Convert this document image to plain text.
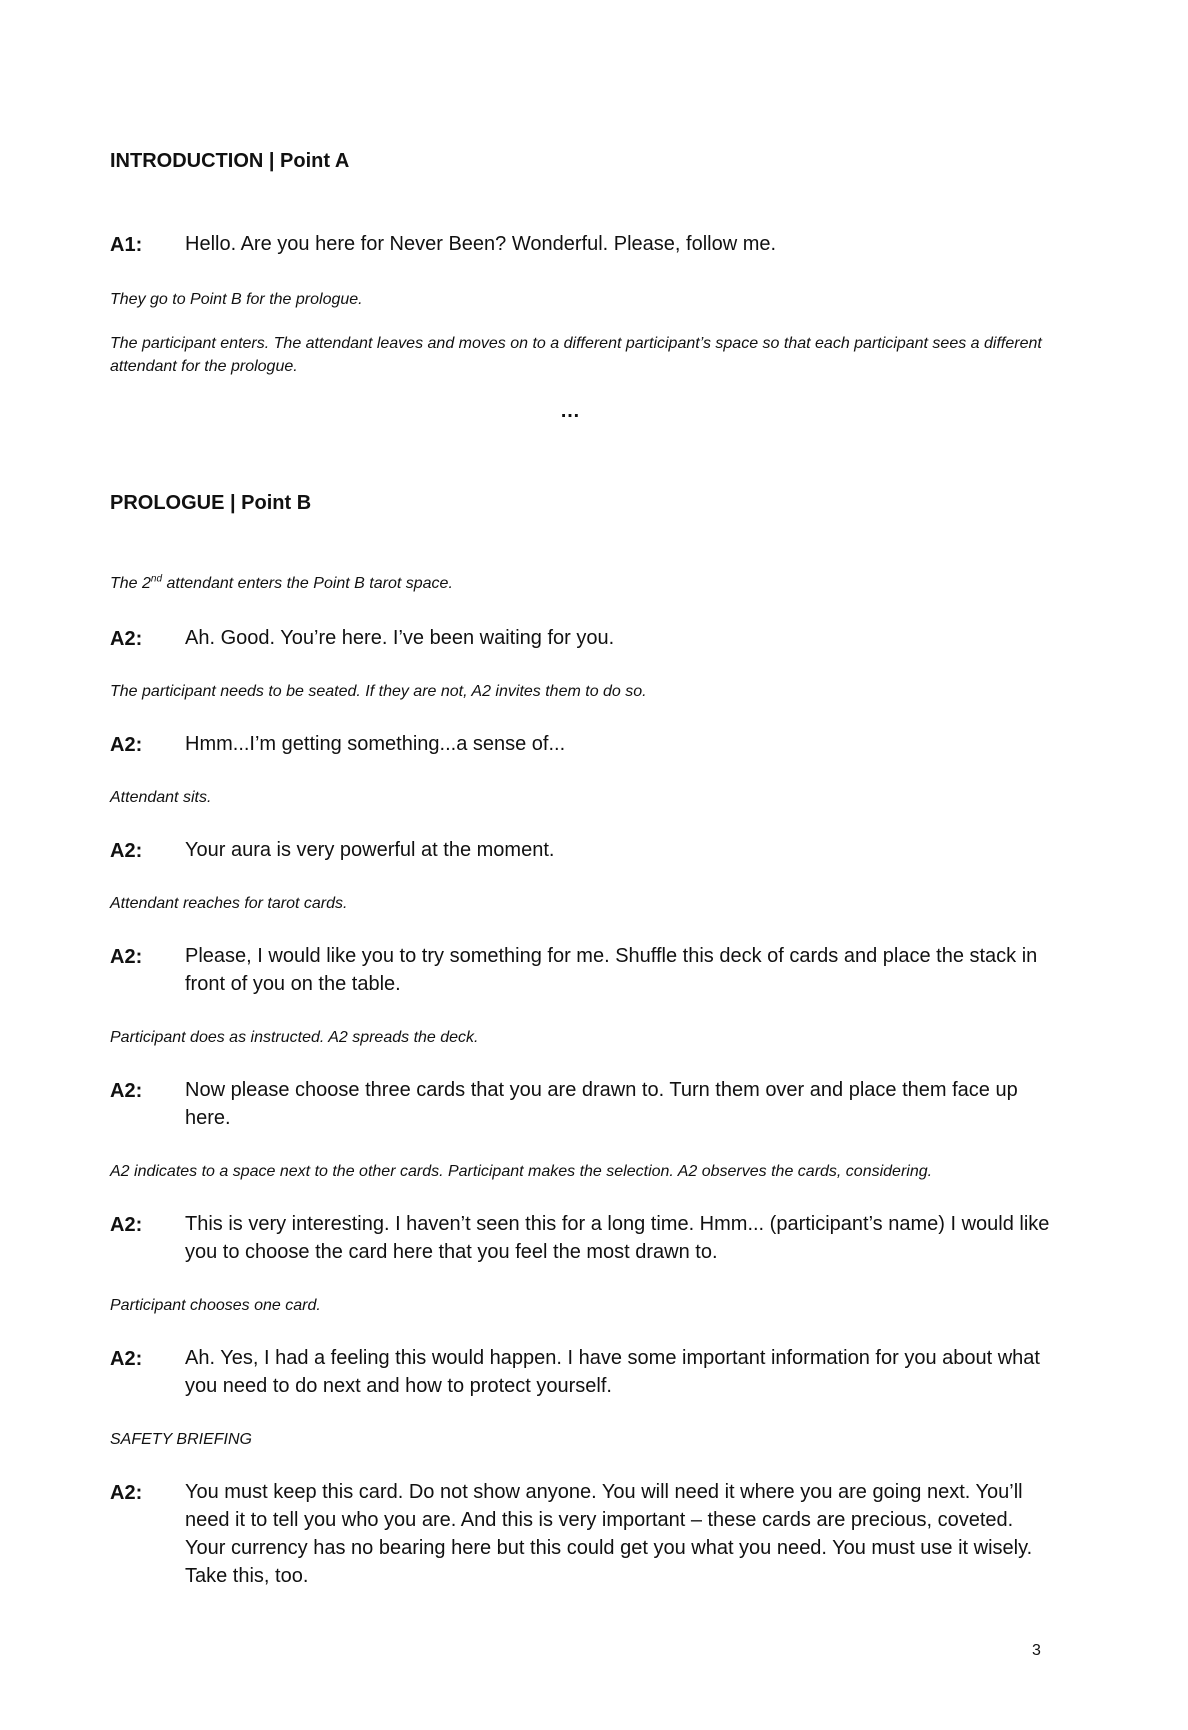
INTRODUCTION | Point A
A1: Hello. Are you here for Never Been? Wonderful. Please, follow me.
They go to Point B for the prologue.
The participant enters. The attendant leaves and moves on to a different participant’s space so that each participant sees a different attendant for the prologue.
…
PROLOGUE | Point B
The 2nd attendant enters the Point B tarot space.
A2: Ah. Good. You’re here. I’ve been waiting for you.
The participant needs to be seated. If they are not, A2 invites them to do so.
A2: Hmm...I’m getting something...a sense of...
Attendant sits.
A2: Your aura is very powerful at the moment.
Attendant reaches for tarot cards.
A2: Please, I would like you to try something for me. Shuffle this deck of cards and place the stack in front of you on the table.
Participant does as instructed. A2 spreads the deck.
A2: Now please choose three cards that you are drawn to. Turn them over and place them face up here.
A2 indicates to a space next to the other cards. Participant makes the selection. A2 observes the cards, considering.
A2: This is very interesting. I haven’t seen this for a long time. Hmm... (participant’s name) I would like you to choose the card here that you feel the most drawn to.
Participant chooses one card.
A2: Ah. Yes, I had a feeling this would happen. I have some important information for you about what you need to do next and how to protect yourself.
SAFETY BRIEFING
A2: You must keep this card. Do not show anyone. You will need it where you are going next. You’ll need it to tell you who you are. And this is very important – these cards are precious, coveted. Your currency has no bearing here but this could get you what you need. You must use it wisely. Take this, too.
3
